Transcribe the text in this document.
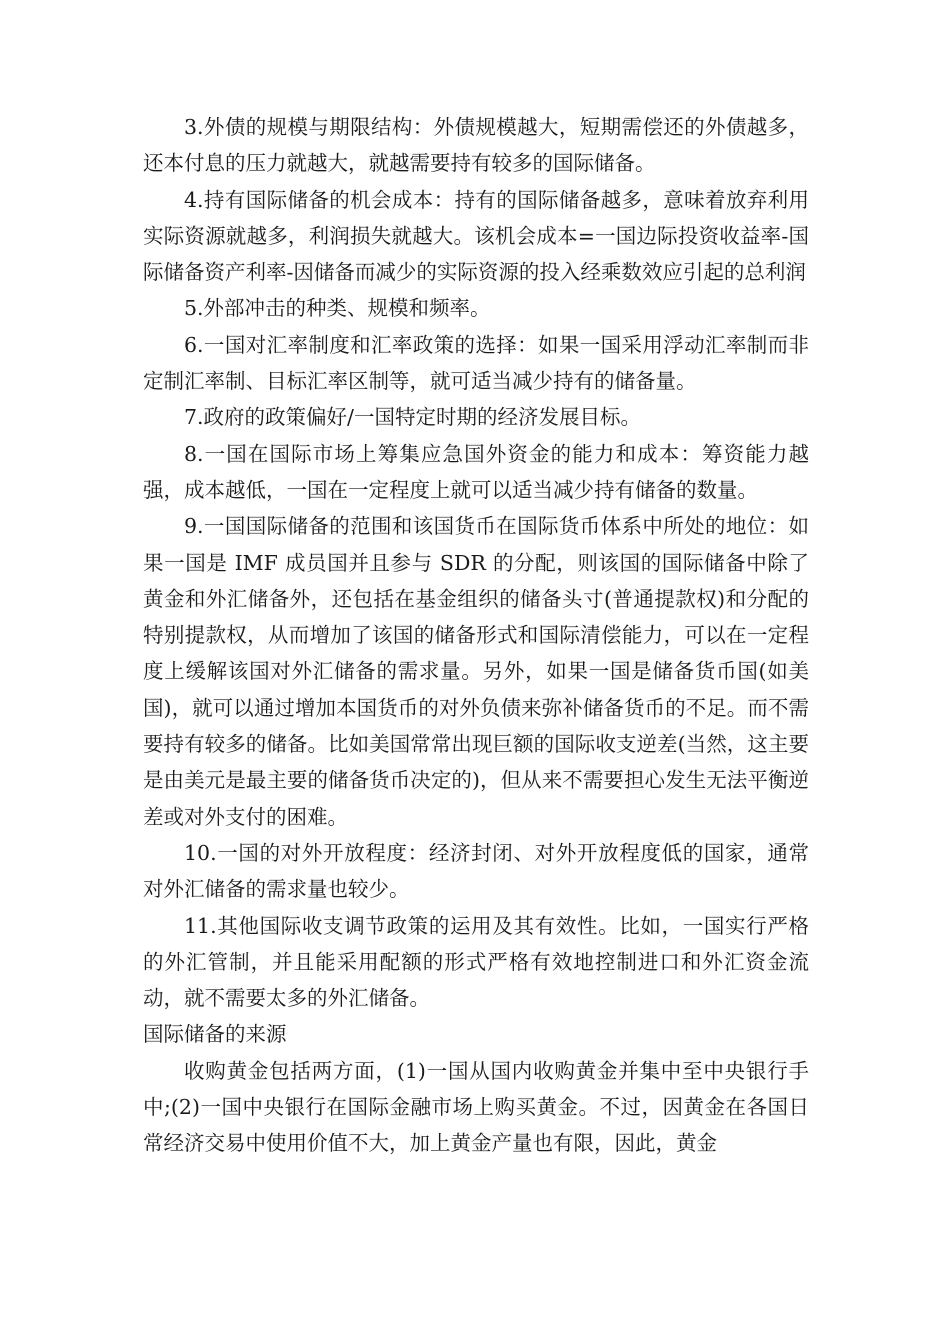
3.外债的规模与期限结构：外债规模越大，短期需偿还的外债越多，还本付息的压力就越大，就越需要持有较多的国际储备。

4.持有国际储备的机会成本：持有的国际储备越多，意味着放弃利用实际资源就越多，利润损失就越大。该机会成本=一国边际投资收益率-国际储备资产利率-因储备而减少的实际资源的投入经乘数效应引起的总利润

5.外部冲击的种类、规模和频率。

6.一国对汇率制度和汇率政策的选择：如果一国采用浮动汇率制而非定制汇率制、目标汇率区制等，就可适当减少持有的储备量。

7.政府的政策偏好/一国特定时期的经济发展目标。

8.一国在国际市场上筹集应急国外资金的能力和成本：筹资能力越强，成本越低，一国在一定程度上就可以适当减少持有储备的数量。

9.一国国际储备的范围和该国货币在国际货币体系中所处的地位：如果一国是 IMF 成员国并且参与 SDR 的分配，则该国的国际储备中除了黄金和外汇储备外，还包括在基金组织的储备头寸(普通提款权)和分配的特别提款权，从而增加了该国的储备形式和国际清偿能力，可以在一定程度上缓解该国对外汇储备的需求量。另外，如果一国是储备货币国(如美国)，就可以通过增加本国货币的对外负债来弥补储备货币的不足。而不需要持有较多的储备。比如美国常常出现巨额的国际收支逆差(当然，这主要是由美元是最主要的储备货币决定的)，但从来不需要担心发生无法平衡逆差或对外支付的困难。

10.一国的对外开放程度：经济封闭、对外开放程度低的国家，通常对外汇储备的需求量也较少。

11.其他国际收支调节政策的运用及其有效性。比如，一国实行严格的外汇管制，并且能采用配额的形式严格有效地控制进口和外汇资金流动，就不需要太多的外汇储备。

国际储备的来源

收购黄金包括两方面，(1)一国从国内收购黄金并集中至中央银行手中;(2)一国中央银行在国际金融市场上购买黄金。不过，因黄金在各国日常经济交易中使用价值不大，加上黄金产量也有限，因此，黄金
